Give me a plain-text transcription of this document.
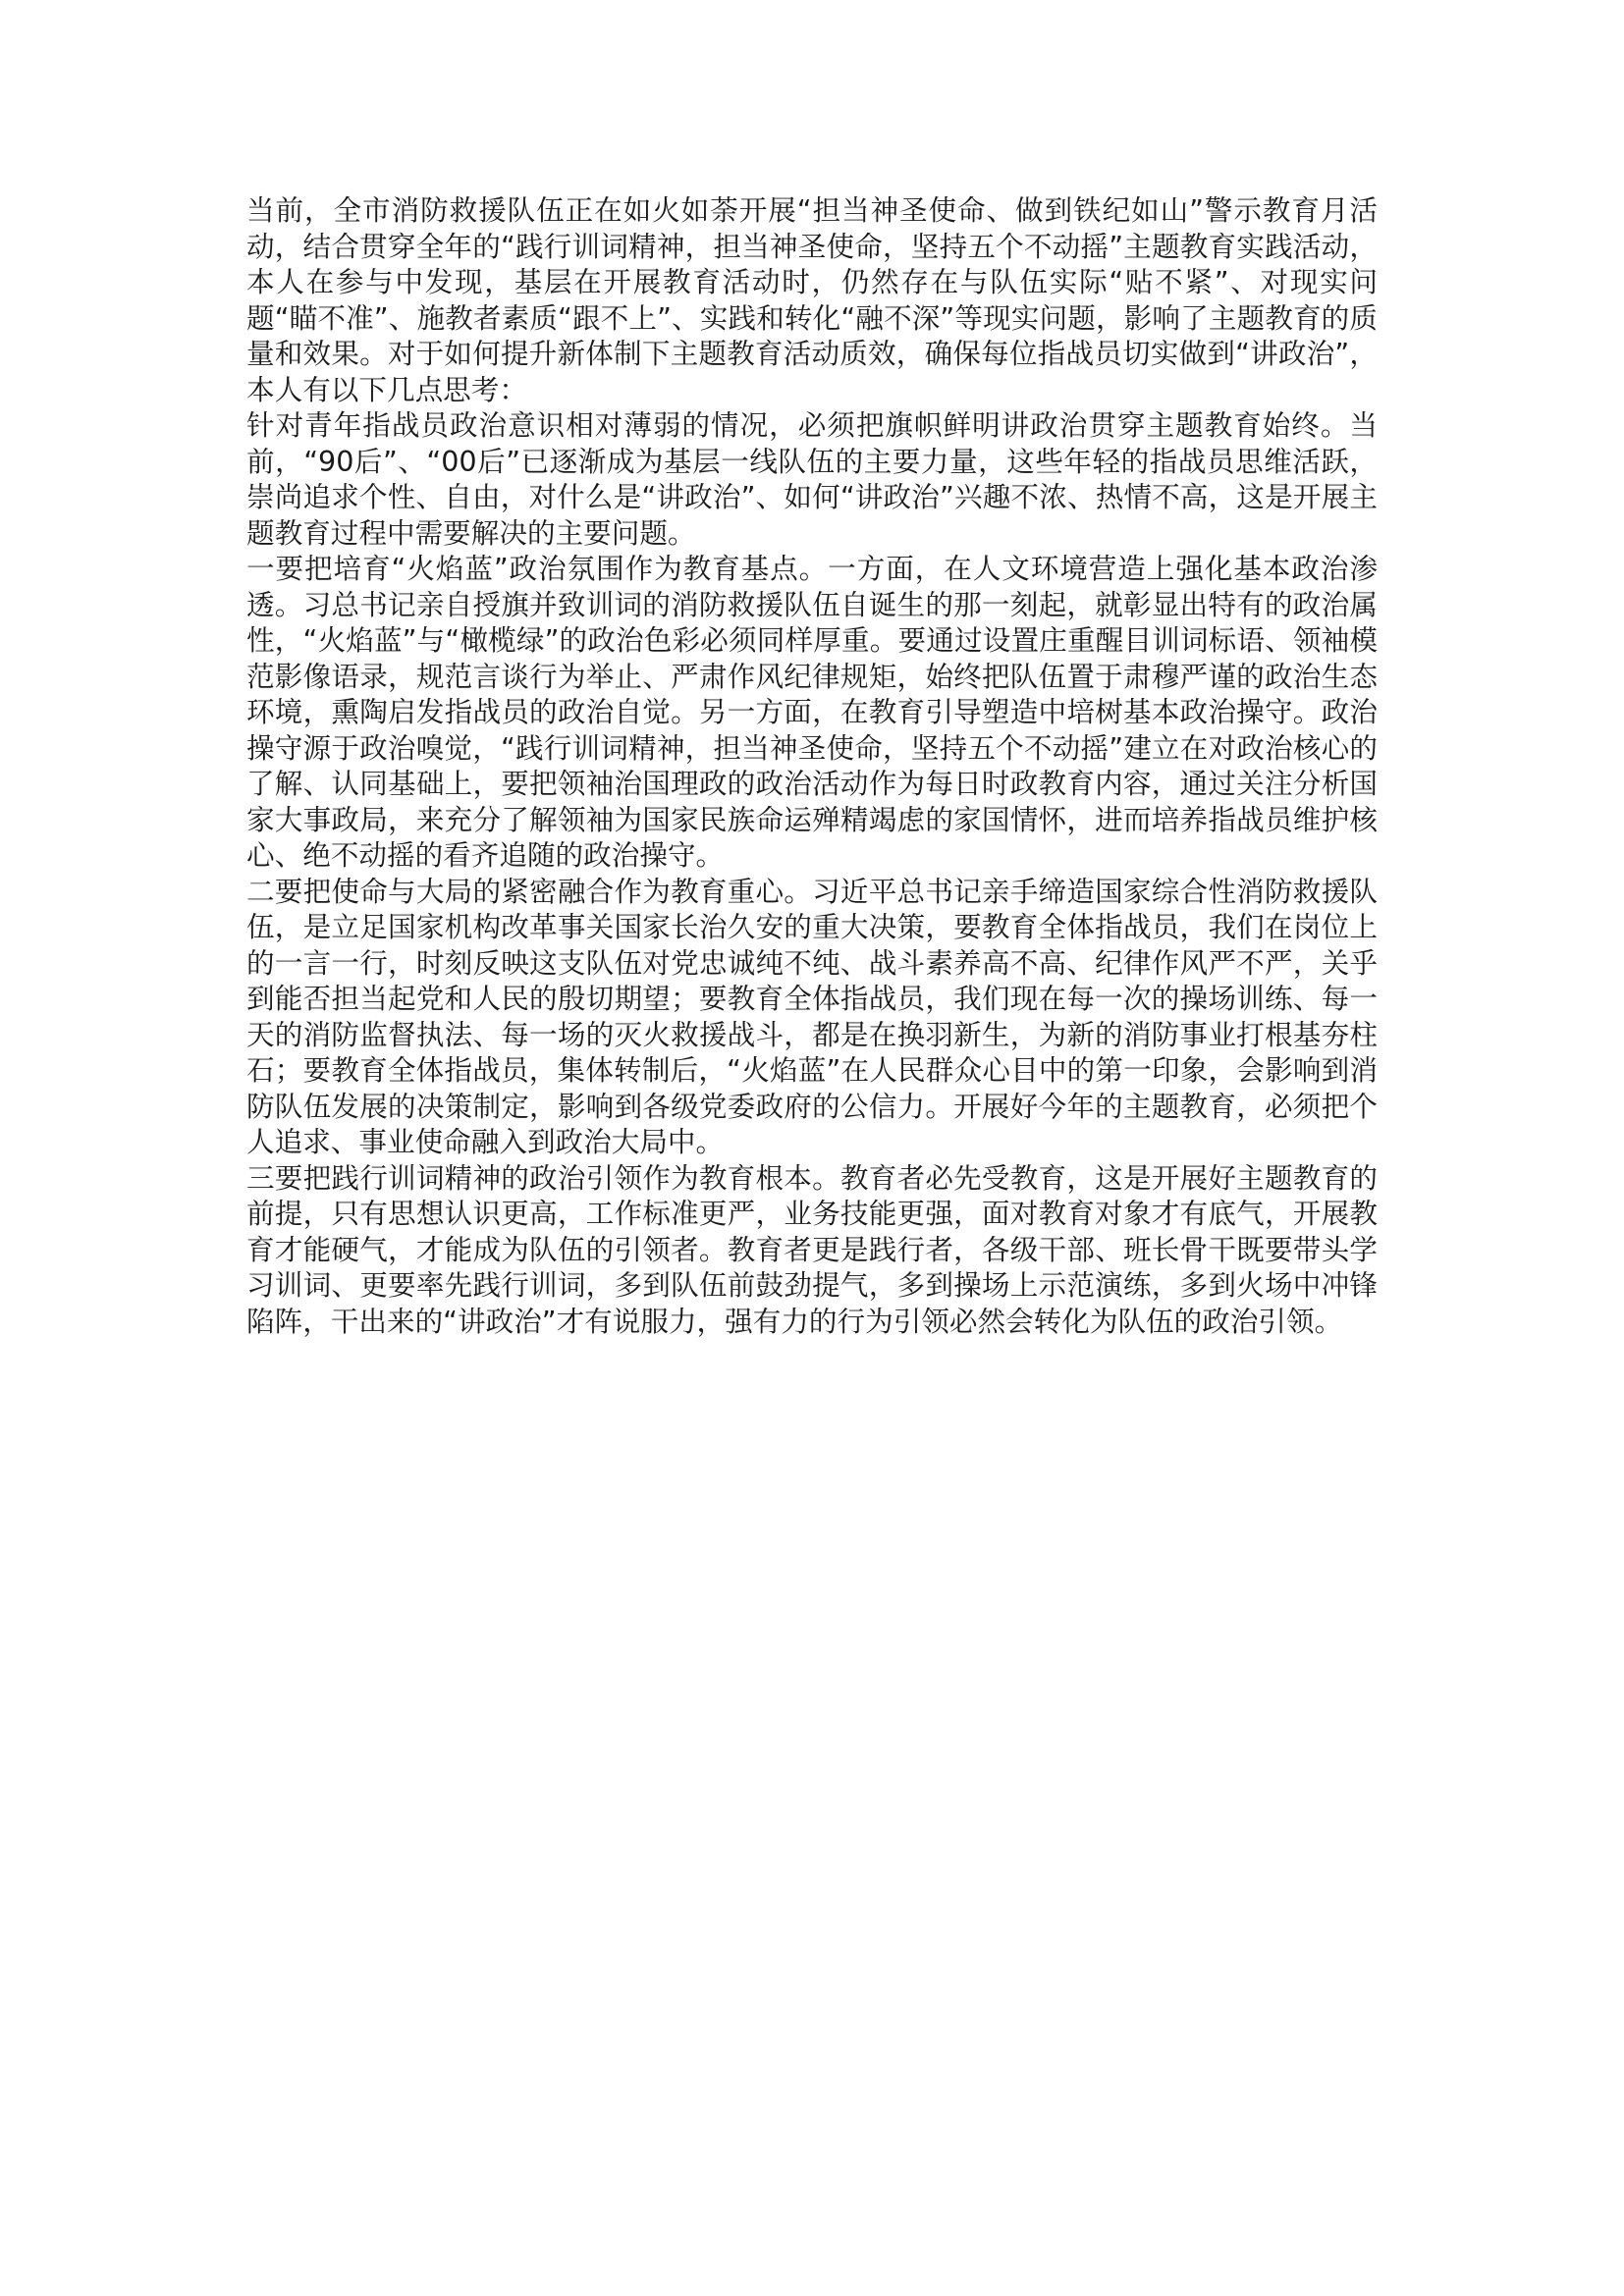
当前，全市消防救援队伍正在如火如荼开展“担当神圣使命、做到铁纪如山”警示教育月活动，结合贯穿全年的“践行训词精神，担当神圣使命，坚持五个不动摇”主题教育实践活动，本人在参与中发现，基层在开展教育活动时，仍然存在与队伍实际“贴不紧”、对现实问题“瞄不准”、施教者素质“跟不上”、实践和转化“融不深”等现实问题，影响了主题教育的质量和效果。对于如何提升新体制下主题教育活动质效，确保每位指战员切实做到“讲政治”，本人有以下几点思考：

针对青年指战员政治意识相对薄弱的情况，必须把旗帜鲜明讲政治贯穿主题教育始终。当前，“90后”、“00后”已逐渐成为基层一线队伍的主要力量，这些年轻的指战员思维活跃，崇尚追求个性、自由，对什么是“讲政治”、如何“讲政治”兴趣不浓、热情不高，这是开展主题教育过程中需要解决的主要问题。

一要把培育“火焰蓝”政治氛围作为教育基点。一方面，在人文环境营造上强化基本政治渗透。习总书记亲自授旗并致训词的消防救援队伍自诞生的那一刻起，就彰显出特有的政治属性，“火焰蓝”与“橄榄绿”的政治色彩必须同样厚重。要通过设置庄重醒目训词标语、领袖模范影像语录，规范言谈行为举止、严肃作风纪律规矩，始终把队伍置于肃穆严谨的政治生态环境，熏陶启发指战员的政治自觉。另一方面，在教育引导塑造中培树基本政治操守。政治操守源于政治嗅觉，“践行训词精神，担当神圣使命，坚持五个不动摇”建立在对政治核心的了解、认同基础上，要把领袖治国理政的政治活动作为每日时政教育内容，通过关注分析国家大事政局，来充分了解领袖为国家民族命运殚精竭虑的家国情怀，进而培养指战员维护核心、绝不动摇的看齐追随的政治操守。

二要把使命与大局的紧密融合作为教育重心。习近平总书记亲手缔造国家综合性消防救援队伍，是立足国家机构改革事关国家长治久安的重大决策，要教育全体指战员，我们在岗位上的一言一行，时刻反映这支队伍对党忠诚纯不纯、战斗素养高不高、纪律作风严不严，关乎到能否担当起党和人民的殷切期望；要教育全体指战员，我们现在每一次的操场训练、每一天的消防监督执法、每一场的灭火救援战斗，都是在换羽新生，为新的消防事业打根基夯柱石；要教育全体指战员，集体转制后，“火焰蓝”在人民群众心目中的第一印象，会影响到消防队伍发展的决策制定，影响到各级党委政府的公信力。开展好今年的主题教育，必须把个人追求、事业使命融入到政治大局中。

三要把践行训词精神的政治引领作为教育根本。教育者必先受教育，这是开展好主题教育的前提，只有思想认识更高，工作标准更严，业务技能更强，面对教育对象才有底气，开展教育才能硬气，才能成为队伍的引领者。教育者更是践行者，各级干部、班长骨干既要带头学习训词、更要率先践行训词，多到队伍前鼓劲提气，多到操场上示范演练，多到火场中冲锋陷阵，干出来的“讲政治”才有说服力，强有力的行为引领必然会转化为队伍的政治引领。
